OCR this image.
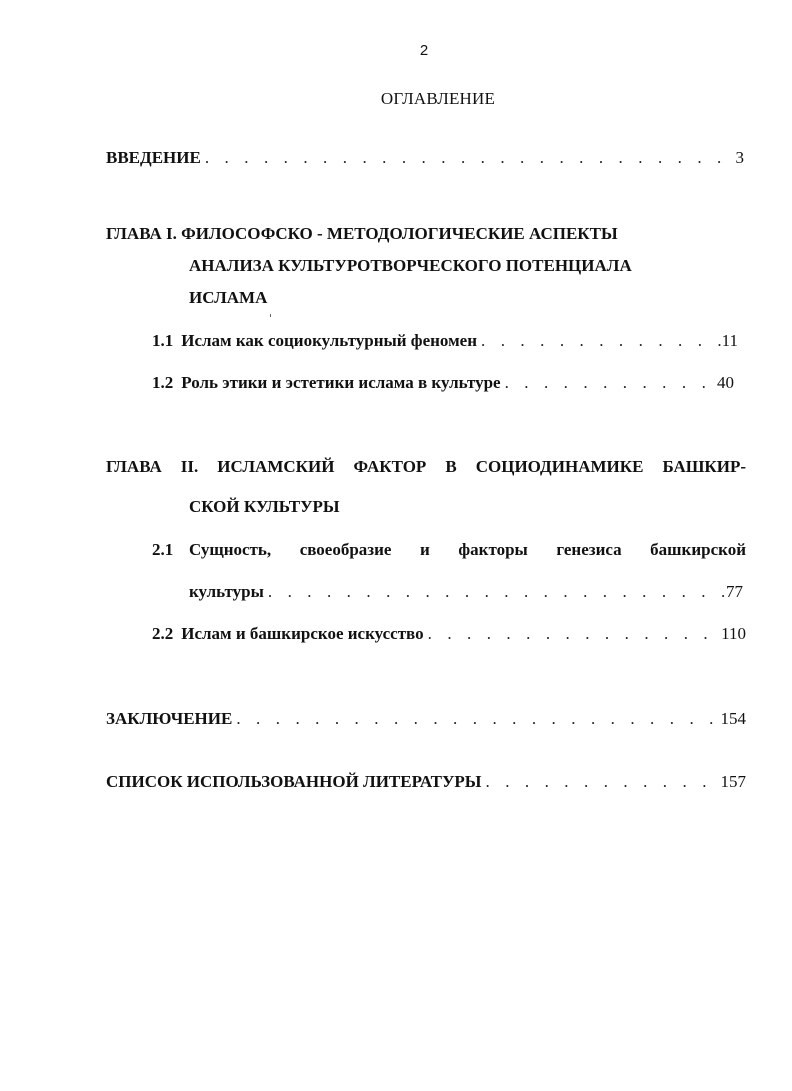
2
ОГЛАВЛЕНИЕ
ВВЕДЕНИЕ . . .	3
ГЛАВА I. ФИЛОСОФСКО - МЕТОДОЛОГИЧЕСКИЕ АСПЕКТЫ
АНАЛИЗА КУЛЬТУРОТВОРЧЕСКОГО ПОТЕНЦИАЛА
ИСЛАМА
1.1 Ислам как социокультурный феномен . . .	11
1.2 Роль этики и эстетики ислама в культуре . . .	40
ГЛАВА II. ИСЛАМСКИЙ ФАКТОР В СОЦИОДИНАМИКЕ БАШКИР-
СКОЙ КУЛЬТУРЫ
2.1 Сущность, своеобразие и факторы генезиса башкирской
культуры . . .	77
2.2 Ислам и башкирское искусство . . .	110
ЗАКЛЮЧЕНИЕ . . .	154
СПИСОК ИСПОЛЬЗОВАННОЙ ЛИТЕРАТУРЫ . . .	157
